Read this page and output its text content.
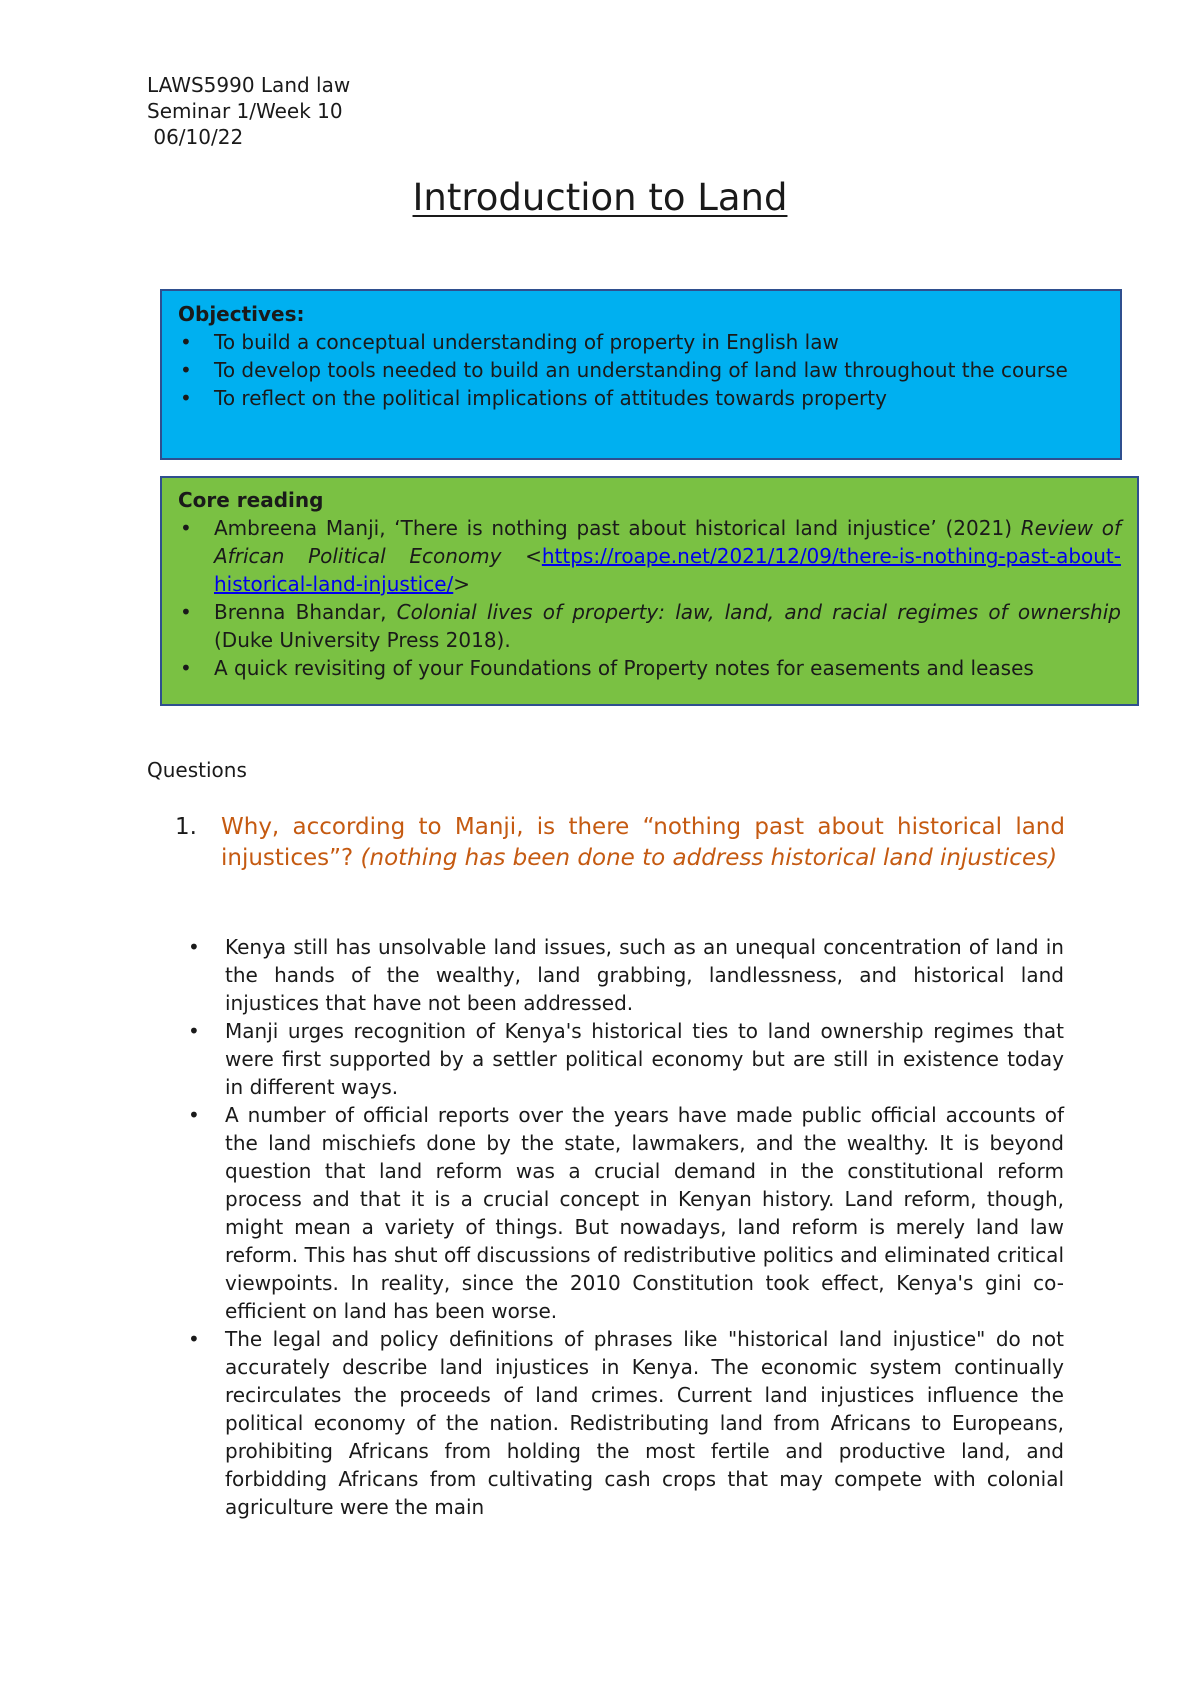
LAWS5990 Land law
Seminar 1/Week 10
06/10/22
Introduction to Land
Objectives:
• To build a conceptual understanding of property in English law
• To develop tools needed to build an understanding of land law throughout the course
• To reflect on the political implications of attitudes towards property
Core reading
• Ambreena Manji, ‘There is nothing past about historical land injustice’ (2021) Review of African Political Economy <https://roape.net/2021/12/09/there-is-nothing-past-about-historical-land-injustice/>
• Brenna Bhandar, Colonial lives of property: law, land, and racial regimes of ownership (Duke University Press 2018).
• A quick revisiting of your Foundations of Property notes for easements and leases
Questions
1. Why, according to Manji, is there “nothing past about historical land injustices”? (nothing has been done to address historical land injustices)
• Kenya still has unsolvable land issues, such as an unequal concentration of land in the hands of the wealthy, land grabbing, landlessness, and historical land injustices that have not been addressed.
• Manji urges recognition of Kenya's historical ties to land ownership regimes that were first supported by a settler political economy but are still in existence today in different ways.
• A number of official reports over the years have made public official accounts of the land mischiefs done by the state, lawmakers, and the wealthy. It is beyond question that land reform was a crucial demand in the constitutional reform process and that it is a crucial concept in Kenyan history. Land reform, though, might mean a variety of things. But nowadays, land reform is merely land law reform. This has shut off discussions of redistributive politics and eliminated critical viewpoints. In reality, since the 2010 Constitution took effect, Kenya's gini co-efficient on land has been worse.
• The legal and policy definitions of phrases like "historical land injustice" do not accurately describe land injustices in Kenya. The economic system continually recirculates the proceeds of land crimes. Current land injustices influence the political economy of the nation. Redistributing land from Africans to Europeans, prohibiting Africans from holding the most fertile and productive land, and forbidding Africans from cultivating cash crops that may compete with colonial agriculture were the main
